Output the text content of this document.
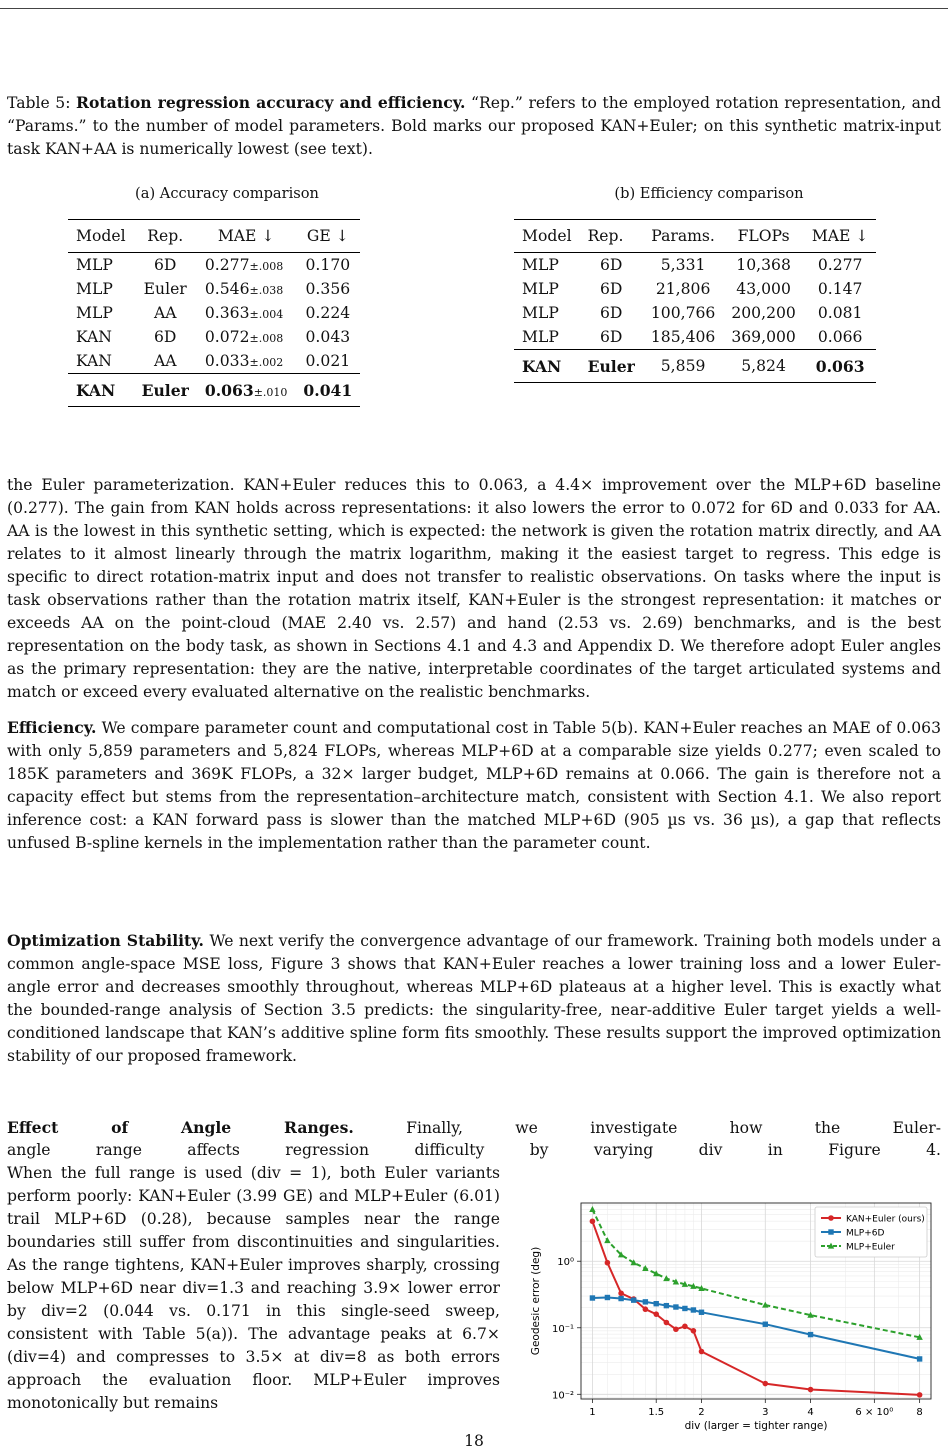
Table 5: Rotation regression accuracy and efficiency. “Rep.” refers to the employed rotation representation, and “Params.” to the number of model parameters. Bold marks our proposed KAN+Euler; on this synthetic matrix-input task KAN+AA is numerically lowest (see text).
(a) Accuracy comparison
Model	Rep.	MAE ↓	GE ↓
MLP	6D	0.277±.008	0.170
MLP	Euler	0.546±.038	0.356
MLP	AA	0.363±.004	0.224
KAN	6D	0.072±.008	0.043
KAN	AA	0.033±.002	0.021
KAN	Euler	0.063±.010	0.041
(b) Efficiency comparison
Model	Rep.	Params.	FLOPs	MAE ↓
MLP	6D	5,331	10,368	0.277
MLP	6D	21,806	43,000	0.147
MLP	6D	100,766	200,200	0.081
MLP	6D	185,406	369,000	0.066
KAN	Euler	5,859	5,824	0.063
the Euler parameterization. KAN+Euler reduces this to 0.063, a 4.4× improvement over the MLP+6D baseline (0.277). The gain from KAN holds across representations: it also lowers the error to 0.072 for 6D and 0.033 for AA. AA is the lowest in this synthetic setting, which is expected: the network is given the rotation matrix directly, and AA relates to it almost linearly through the matrix logarithm, making it the easiest target to regress. This edge is specific to direct rotation-matrix input and does not transfer to realistic observations. On tasks where the input is task observations rather than the rotation matrix itself, KAN+Euler is the strongest representation: it matches or exceeds AA on the point-cloud (MAE 2.40 vs. 2.57) and hand (2.53 vs. 2.69) benchmarks, and is the best representation on the body task, as shown in Sections 4.1 and 4.3 and Appendix D. We therefore adopt Euler angles as the primary representation: they are the native, interpretable coordinates of the target articulated systems and match or exceed every evaluated alternative on the realistic benchmarks.
Efficiency. We compare parameter count and computational cost in Table 5(b). KAN+Euler reaches an MAE of 0.063 with only 5,859 parameters and 5,824 FLOPs, whereas MLP+6D at a comparable size yields 0.277; even scaled to 185K parameters and 369K FLOPs, a 32× larger budget, MLP+6D remains at 0.066. The gain is therefore not a capacity effect but stems from the representation–architecture match, consistent with Section 4.1. We also report inference cost: a KAN forward pass is slower than the matched MLP+6D (905 µs vs. 36 µs), a gap that reflects unfused B-spline kernels in the implementation rather than the parameter count.
Optimization Stability. We next verify the convergence advantage of our framework. Training both models under a common angle-space MSE loss, Figure 3 shows that KAN+Euler reaches a lower training loss and a lower Euler-angle error and decreases smoothly throughout, whereas MLP+6D plateaus at a higher level. This is exactly what the bounded-range analysis of Section 3.5 predicts: the singularity-free, near-additive Euler target yields a well-conditioned landscape that KAN’s additive spline form fits smoothly. These results support the improved optimization stability of our proposed framework.
Effect of Angle Ranges.	Finally, we investigate how the Euler-
angle range affects regression difficulty by varying div in Figure 4.
When the full range is used (div = 1), both Euler variants perform poorly: KAN+Euler (3.99 GE) and MLP+Euler (6.01) trail MLP+6D (0.28), because samples near the range boundaries still suffer from discontinuities and singularities. As the range tightens, KAN+Euler improves sharply, crossing below MLP+6D near div=1.3 and reaching 3.9× lower error by div=2 (0.044 vs. 0.171 in this single-seed sweep, consistent with Table 5(a)). The advantage peaks at 6.7× (div=4) and compresses to 3.5× at div=8 as both errors approach the evaluation floor. MLP+Euler improves monotonically but remains
10⁰
10⁻¹
10⁻²
1	1.5	2	3	4	6 × 10⁰ 8
KAN+Euler (ours)
MLP+6D
MLP+Euler
div (larger = tighter range)
Geodesic error (deg)
18
